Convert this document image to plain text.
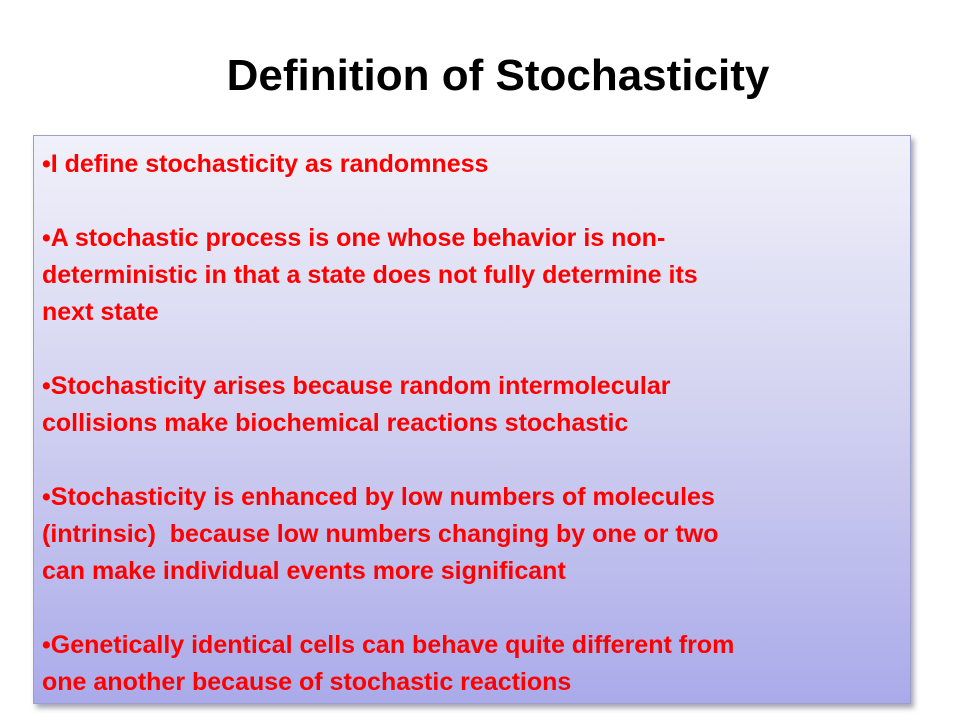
Definition of Stochasticity
•I define stochasticity as randomness
•A stochastic process is one whose behavior is non-
deterministic in that a state does not fully determine its
next state
•Stochasticity arises because random intermolecular
collisions make biochemical reactions stochastic
•Stochasticity is enhanced by low numbers of molecules
(intrinsic)  because low numbers changing by one or two
can make individual events more significant
•Genetically identical cells can behave quite different from
one another because of stochastic reactions
